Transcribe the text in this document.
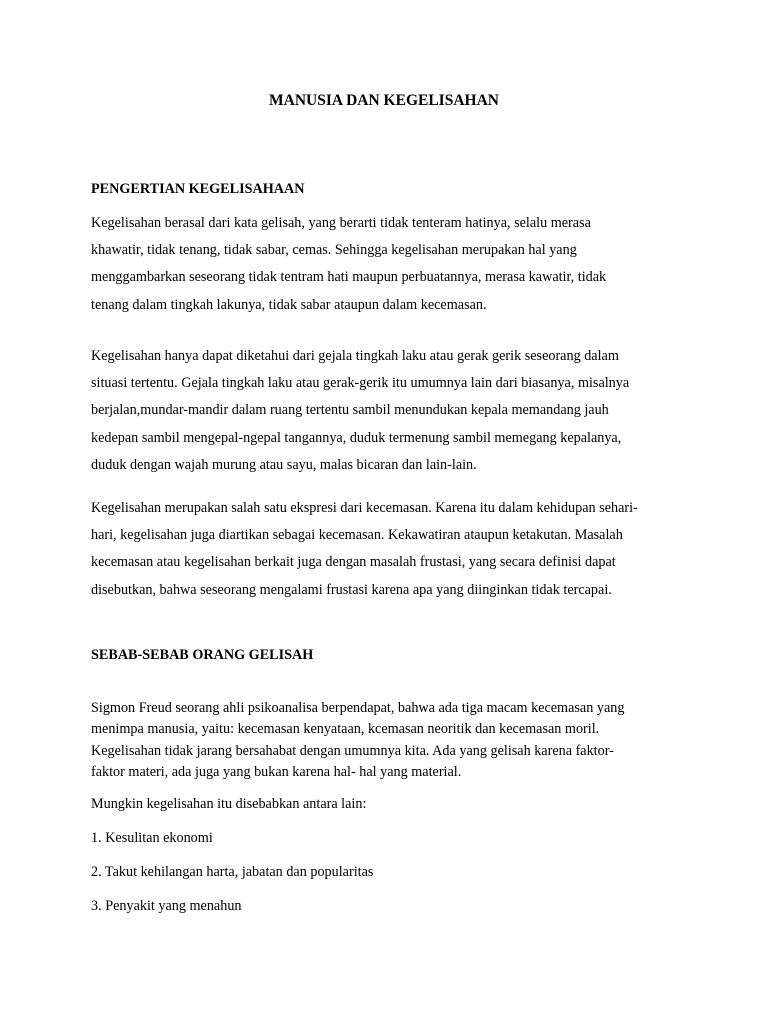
MANUSIA DAN KEGELISAHAN
PENGERTIAN KEGELISAHAAN

Kegelisahan berasal dari kata gelisah, yang berarti tidak tenteram hatinya, selalu merasa
khawatir, tidak tenang, tidak sabar, cemas. Sehingga kegelisahan merupakan hal yang
menggambarkan seseorang tidak tentram hati maupun perbuatannya, merasa kawatir, tidak
tenang dalam tingkah lakunya, tidak sabar ataupun dalam kecemasan.

Kegelisahan hanya dapat diketahui dari gejala tingkah laku atau gerak gerik seseorang dalam
situasi tertentu. Gejala tingkah laku atau gerak-gerik itu umumnya lain dari biasanya, misalnya
berjalan,mundar-mandir dalam ruang tertentu sambil menundukan kepala memandang jauh
kedepan sambil mengepal-ngepal tangannya, duduk termenung sambil memegang kepalanya,
duduk dengan wajah murung atau sayu, malas bicaran dan lain-lain.

Kegelisahan merupakan salah satu ekspresi dari kecemasan. Karena itu dalam kehidupan sehari-
hari, kegelisahan juga diartikan sebagai kecemasan. Kekawatiran ataupun ketakutan. Masalah
kecemasan atau kegelisahan berkait juga dengan masalah frustasi, yang secara definisi dapat
disebutkan, bahwa seseorang mengalami frustasi karena apa yang diinginkan tidak tercapai.

SEBAB-SEBAB ORANG GELISAH

Sigmon Freud seorang ahli psikoanalisa berpendapat, bahwa ada tiga macam kecemasan yang
menimpa manusia, yaitu: kecemasan kenyataan, kcemasan neoritik dan kecemasan moril.
Kegelisahan tidak jarang bersahabat dengan umumnya kita. Ada yang gelisah karena faktor-
faktor materi, ada juga yang bukan karena hal- hal yang material.

Mungkin kegelisahan itu disebabkan antara lain:

1. Kesulitan ekonomi

2. Takut kehilangan harta, jabatan dan popularitas

3. Penyakit yang menahun
